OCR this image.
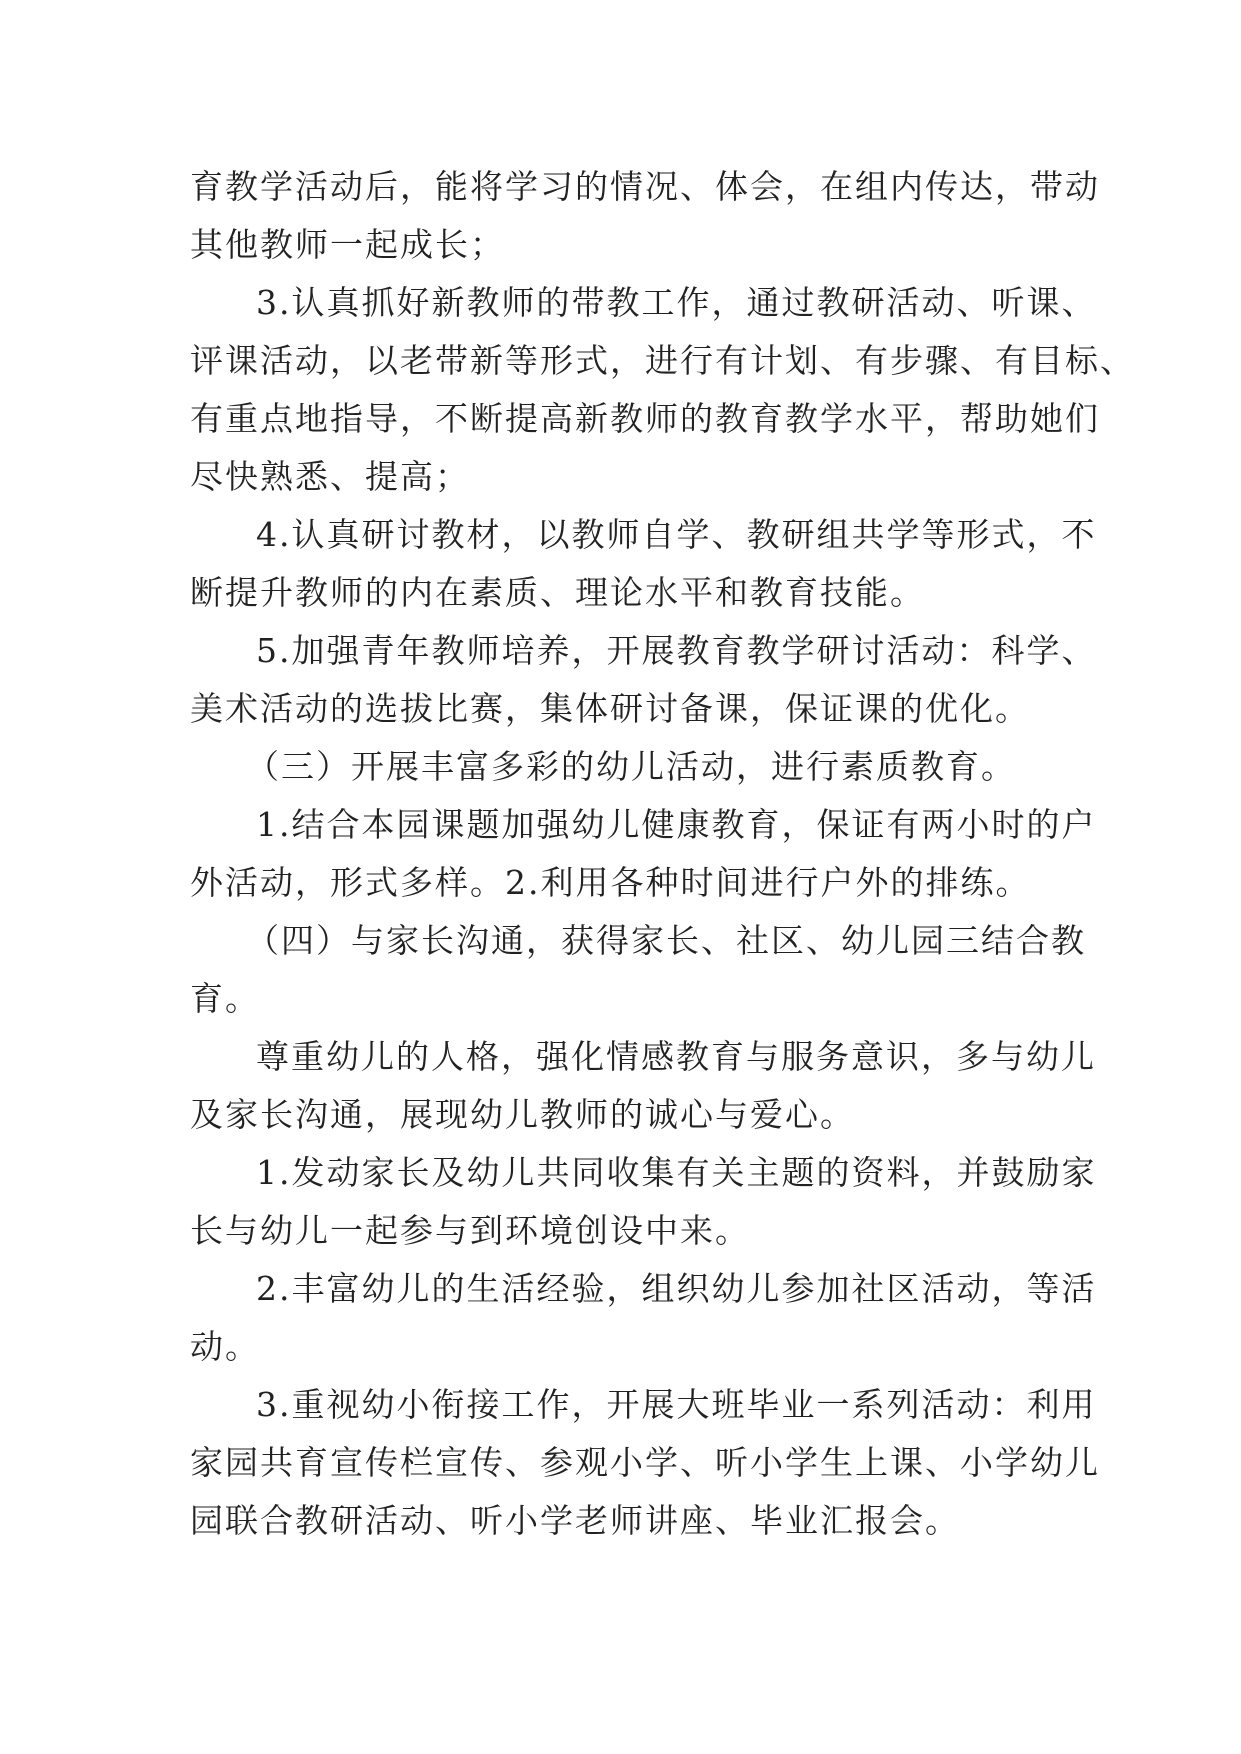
育教学活动后，能将学习的情况、体会，在组内传达，带动
其他教师一起成长；
3.认真抓好新教师的带教工作，通过教研活动、听课、
评课活动，以老带新等形式，进行有计划、有步骤、有目标、
有重点地指导，不断提高新教师的教育教学水平，帮助她们
尽快熟悉、提高；
4.认真研讨教材，以教师自学、教研组共学等形式，不
断提升教师的内在素质、理论水平和教育技能。
5.加强青年教师培养，开展教育教学研讨活动：科学、
美术活动的选拔比赛，集体研讨备课，保证课的优化。
（三）开展丰富多彩的幼儿活动，进行素质教育。
1.结合本园课题加强幼儿健康教育，保证有两小时的户
外活动，形式多样。2.利用各种时间进行户外的排练。
（四）与家长沟通，获得家长、社区、幼儿园三结合教
育。
尊重幼儿的人格，强化情感教育与服务意识，多与幼儿
及家长沟通，展现幼儿教师的诚心与爱心。
1.发动家长及幼儿共同收集有关主题的资料，并鼓励家
长与幼儿一起参与到环境创设中来。
2.丰富幼儿的生活经验，组织幼儿参加社区活动，等活
动。
3.重视幼小衔接工作，开展大班毕业一系列活动：利用
家园共育宣传栏宣传、参观小学、听小学生上课、小学幼儿
园联合教研活动、听小学老师讲座、毕业汇报会。
